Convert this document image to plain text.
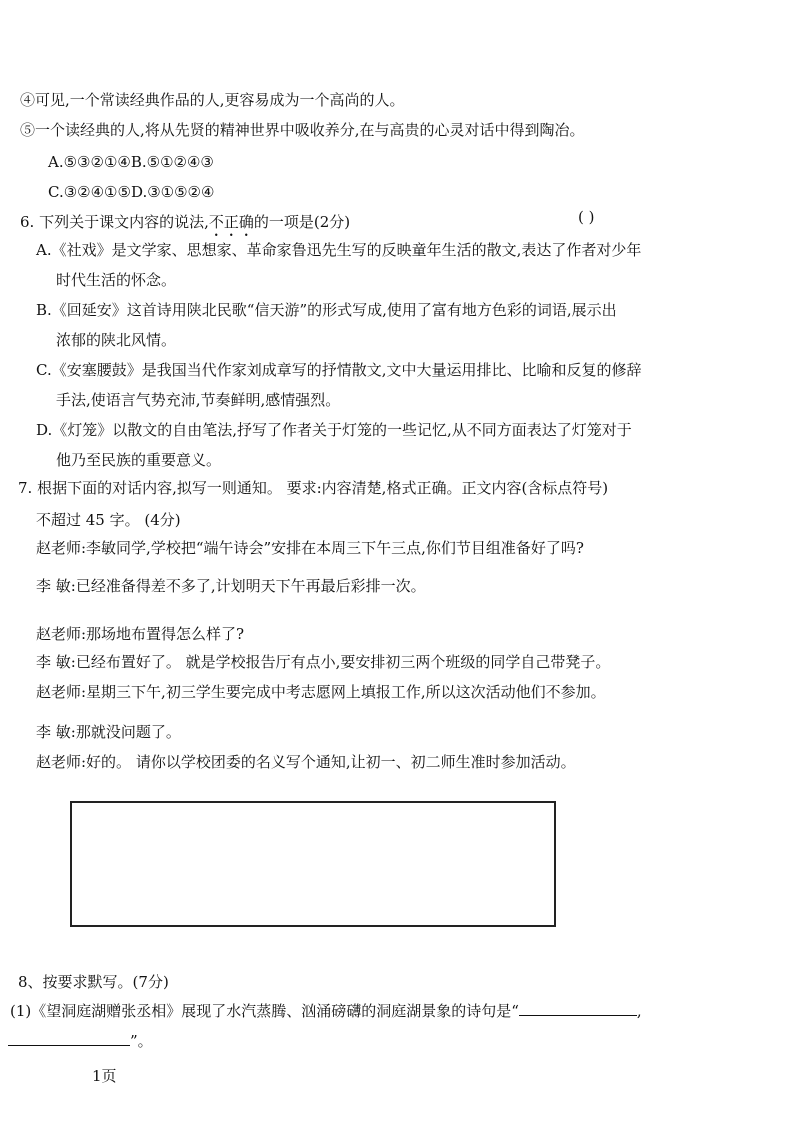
④可见,一个常读经典作品的人,更容易成为一个高尚的人。
⑤一个读经典的人,将从先贤的精神世界中吸收养分,在与高贵的心灵对话中得到陶冶。
A.⑤③②①④B.⑤①②④③
C.③②④①⑤D.③①⑤②④
6. 下列关于课文内容的说法,不正确的一项是(2分)	( )
A.《社戏》是文学家、思想家、革命家鲁迅先生写的反映童年生活的散文,表达了作者对少年
时代生活的怀念。
B.《回延安》这首诗用陕北民歌“信天游”的形式写成,使用了富有地方色彩的词语,展示出
浓郁的陕北风情。
C.《安塞腰鼓》是我国当代作家刘成章写的抒情散文,文中大量运用排比、比喻和反复的修辞
手法,使语言气势充沛,节奏鲜明,感情强烈。
D.《灯笼》以散文的自由笔法,抒写了作者关于灯笼的一些记忆,从不同方面表达了灯笼对于
他乃至民族的重要意义。
7. 根据下面的对话内容,拟写一则通知。 要求:内容清楚,格式正确。正文内容(含标点符号)
不超过 45 字。 (4分)
赵老师:李敏同学,学校把“端午诗会”安排在本周三下午三点,你们节目组准备好了吗?
李 敏:已经准备得差不多了,计划明天下午再最后彩排一次。
赵老师:那场地布置得怎么样了?
李 敏:已经布置好了。 就是学校报告厅有点小,要安排初三两个班级的同学自己带凳子。
赵老师:星期三下午,初三学生要完成中考志愿网上填报工作,所以这次活动他们不参加。
李 敏:那就没问题了。
赵老师:好的。 请你以学校团委的名义写个通知,让初一、初二师生准时参加活动。
8、按要求默写。(7分)
(1)《望洞庭湖赠张丞相》展现了水汽蒸腾、汹涌磅礴的洞庭湖景象的诗句是“	,
”。
1页
